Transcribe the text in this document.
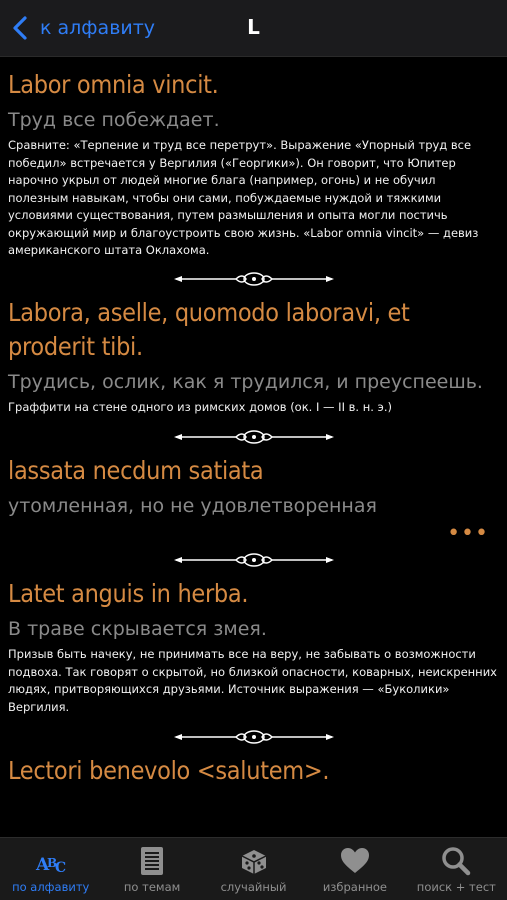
к алфавиту	L
Labor omnia vincit.
Труд все побеждает.
Сравните: «Терпение и труд все перетрут». Выражение «Упорный труд все победил» встречается у Вергилия («Георгики»). Он говорит, что Юпитер нарочно укрыл от людей многие блага (например, огонь) и не обучил полезным навыкам, чтобы они сами, побуждаемые нуждой и тяжкими условиями существования, путем размышления и опыта могли постичь окружающий мир и благоустроить свою жизнь. «Labor omnia vincit» — девиз американского штата Оклахома.
Labora, aselle, quomodo laboravi, et proderit tibi.
Трудись, ослик, как я трудился, и преуспеешь.
Граффити на стене одного из римских домов (ок. I — II в. н. э.)
lassata necdum satiata
утомленная, но не удовлетворенная
•••
Latet anguis in herba.
В траве скрывается змея.
Призыв быть начеку, не принимать все на веру, не забывать о возможности подвоха. Так говорят о скрытой, но близкой опасности, коварных, неискренних людях, притворяющихся друзьями. Источник выражения — «Буколики» Вергилия.
Lectori benevolo <salutem>.
A
B
C
по алфавиту	по темам	случайный	избранное	поиск + тест
